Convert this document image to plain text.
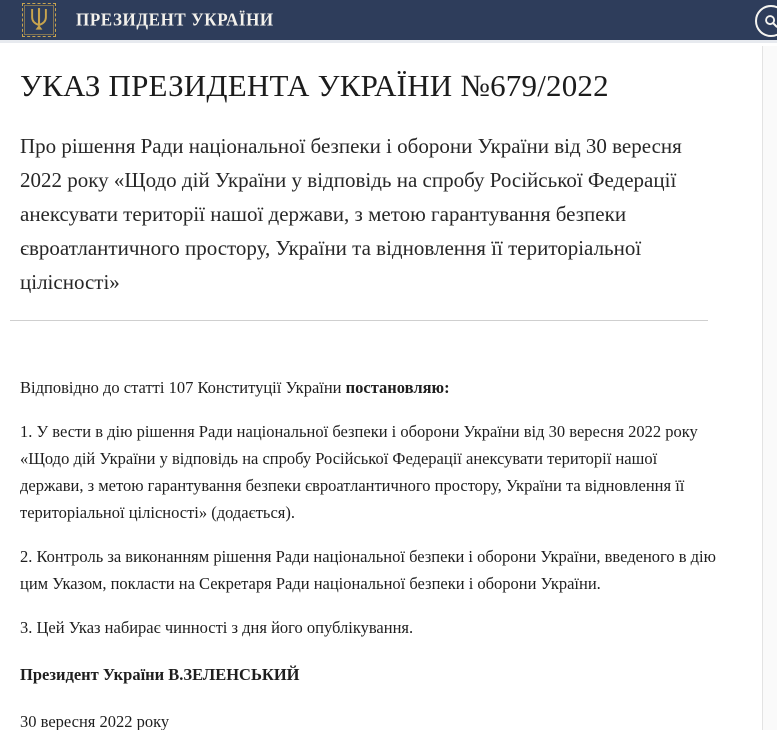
ПРЕЗИДЕНТ УКРАЇНИ
УКАЗ ПРЕЗИДЕНТА УКРАЇНИ №679/2022

Про рішення Ради національної безпеки і оборони України від 30 вересня 2022 року «Щодо дій України у відповідь на спробу Російської Федерації анексувати території нашої держави, з метою гарантування безпеки євроатлантичного простору, України та відновлення її територіальної цілісності»

Відповідно до статті 107 Конституції України постановляю:

1. У вести в дію рішення Ради національної безпеки і оборони України від 30 вересня 2022 року «Щодо дій України у відповідь на спробу Російської Федерації анексувати території нашої держави, з метою гарантування безпеки євроатлантичного простору, України та відновлення її територіальної цілісності» (додається).

2. Контроль за виконанням рішення Ради національної безпеки і оборони України, введеного в дію цим Указом, покласти на Секретаря Ради національної безпеки і оборони України.

3. Цей Указ набирає чинності з дня його опублікування.

Президент України В.ЗЕЛЕНСЬКИЙ

30 вересня 2022 року
